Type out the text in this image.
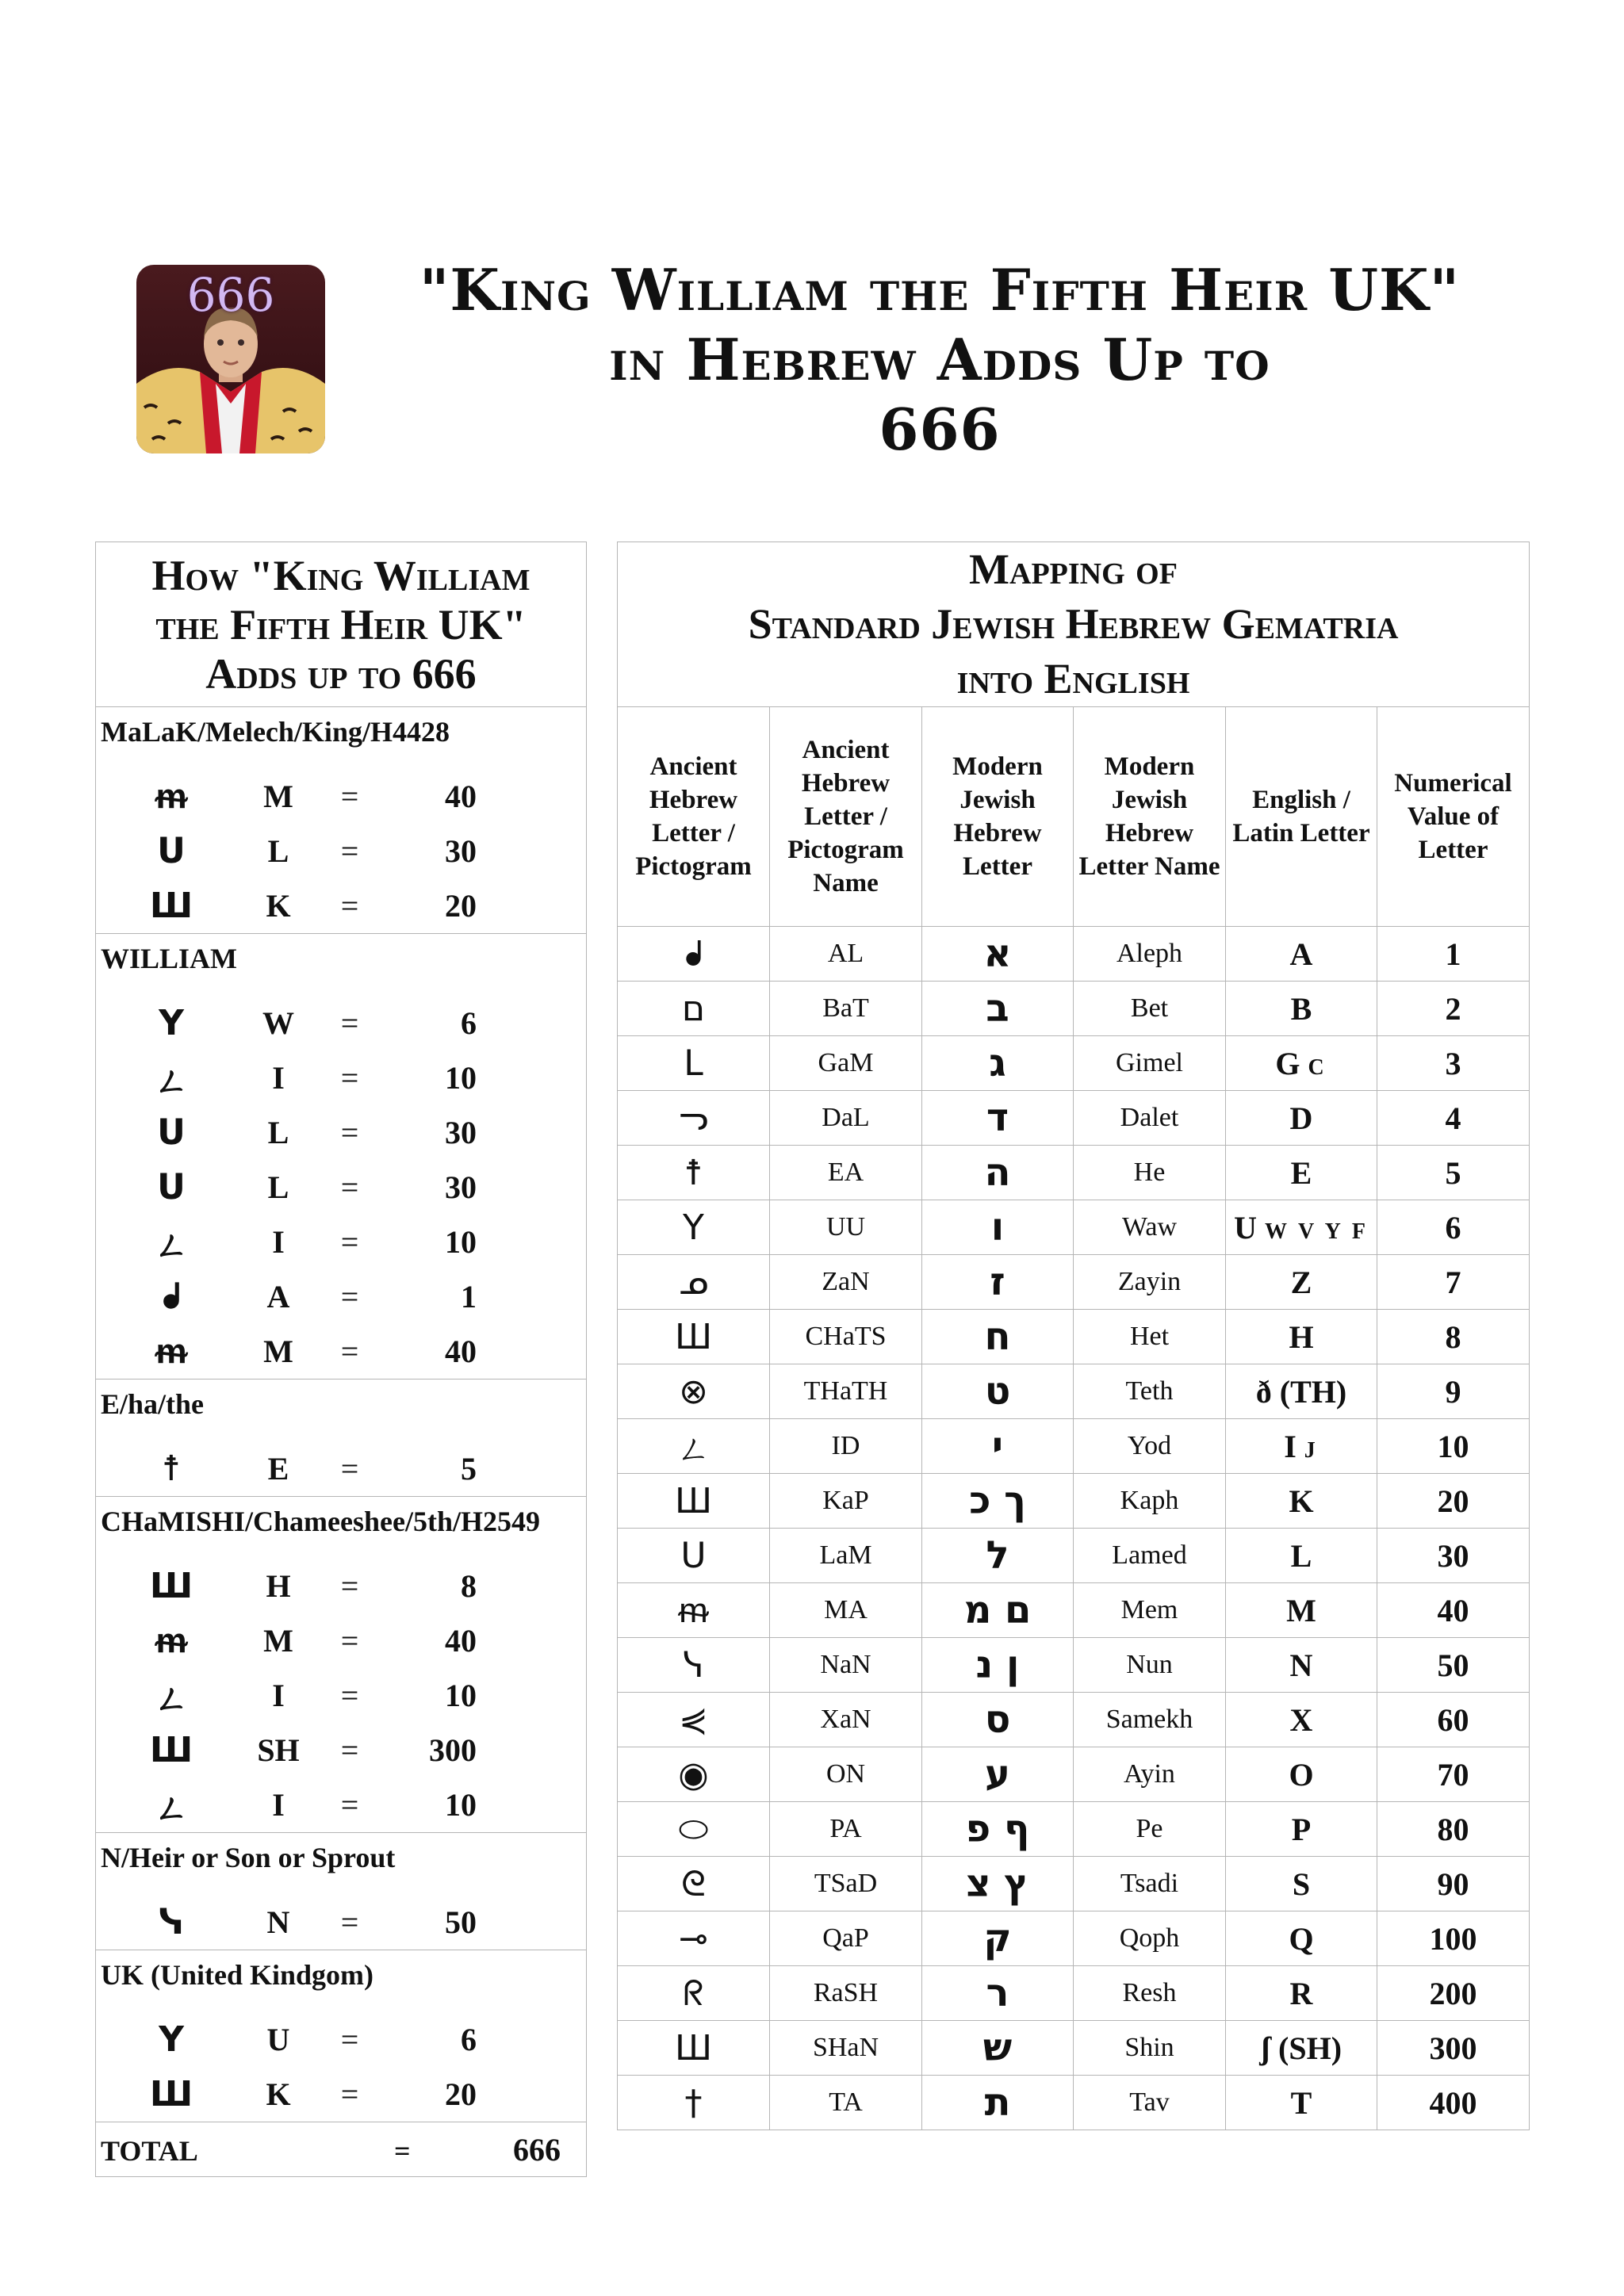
666	"King William the Fifth Heir UK"
in Hebrew Adds Up to
666
How "King William
the Fifth Heir UK"
Adds up to 666

MaLaK/Melech/King/H4428

ᵯ	M	=	40

ᑌ	L	=	30

Ш	K	=	20

WILLIAM

Y	W	=	6

ㄥ	I	=	10

ᑌ	L	=	30

ᑌ	L	=	30

ㄥ	I	=	10

ᖱ	A	=	1

ᵯ	M	=	40

E/ha/the

☨	E	=	5

CHaMISHI/Chameeshee/5th/H2549

Ш	H	=	8

ᵯ	M	=	40

ㄥ	I	=	10

Ш	SH	=	300

ㄥ	I	=	10

N/Heir or Son or Sprout

ᓭ	N	=	50

UK (United Kindgom)

Y	U	=	6

Ш	K	=	20

TOTAL	=	666
Mapping of
Standard Jewish Hebrew Gematria
into English					

Ancient Hebrew Letter / Pictogram	Ancient Hebrew Letter / Pictogram Name	Modern Jewish Hebrew Letter	Modern Jewish Hebrew Letter Name	English / Latin Letter	Numerical Value of Letter
ᖱ	AL	א	Aleph	A	1
ם	BaT	ב	Bet	B	2
ᒪ	GaM	ג	Gimel	G C	3
ᓓ	DaL	ד	Dalet	D	4
☨	EA	ה	He	E	5
Y	UU	ו	Waw	U W V Y F	6
ᓄ	ZaN	ז	Zayin	Z	7
Ш	CHaTS	ח	Het	H	8
⊗	THaTH	ט	Teth	ð (TH)	9
ㄥ	ID	י	Yod	I J	10
Ш	KaP	ך כ	Kaph	K	20
ᑌ	LaM	ל	Lamed	L	30
ᵯ	MA	ם מ	Mem	M	40
ᓭ	NaN	ן נ	Nun	N	50
⋞	XaN	ס	Samekh	X	60
◉	ON	ע	Ayin	O	70
⬭	PA	ף פ	Pe	P	80
ᘓ	TSaD	ץ צ	Tsadi	S	90
⊸	QaP	ק	Qoph	Q	100
ᖇ	RaSH	ר	Resh	R	200
Ш	SHaN	ש	Shin	ʃ (SH)	300
†	TA	ת	Tav	T	400
